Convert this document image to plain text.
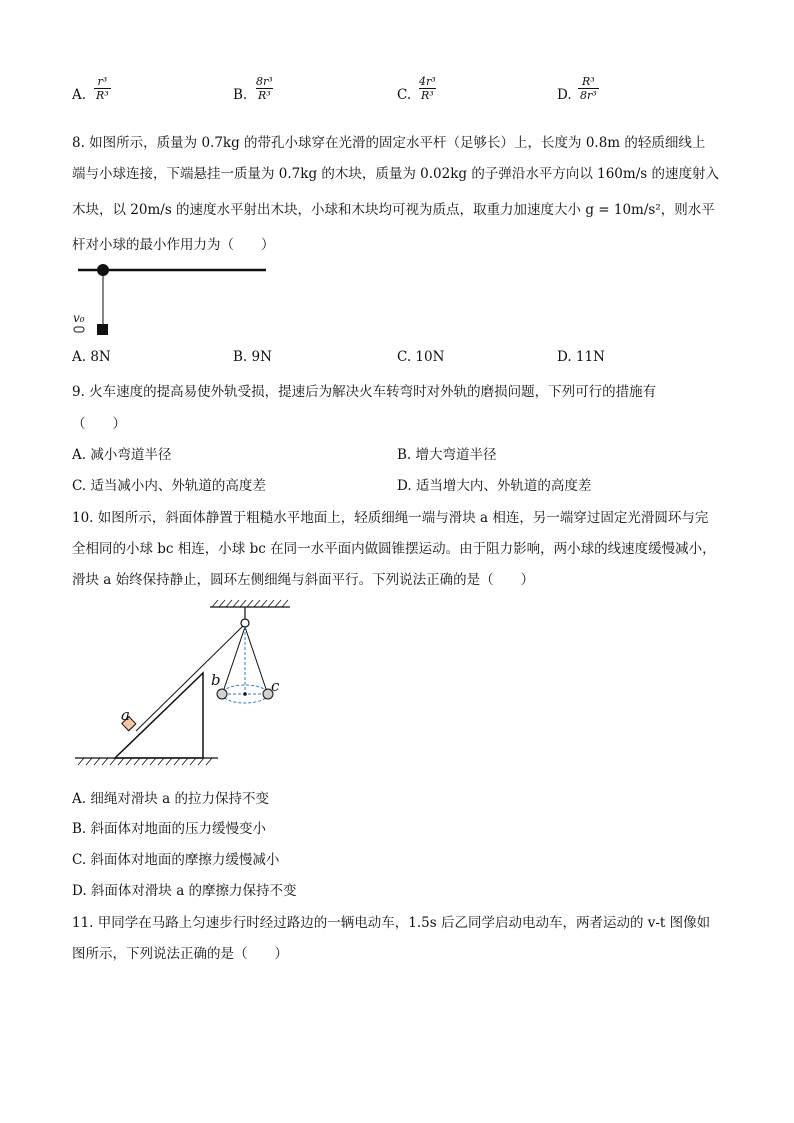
A. $\frac{\text{r³}}{\text{R³}}$	B. $\frac{\text{8r³}}{\text{R³}}$	C. $\frac{\text{4r³}}{\text{R³}}$	D. $\frac{\text{R³}}{\text{8r³}}$
8. 如图所示，质量为 0.7kg 的带孔小球穿在光滑的固定水平杆（足够长）上，长度为 0.8m 的轻质细线上
端与小球连接，下端悬挂一质量为 0.7kg 的木块，质量为 0.02kg 的子弹沿水平方向以 160m/s 的速度射入
木块，以 20m/s 的速度水平射出木块，小球和木块均可视为质点，取重力加速度大小 g = 10m/s²，则水平
杆对小球的最小作用力为（　　）
v₀
A. 8N	B. 9N	C. 10N	D. 11N
9. 火车速度的提高易使外轨受损，提速后为解决火车转弯时对外轨的磨损问题，下列可行的措施有
（　　）
A. 减小弯道半径	B. 增大弯道半径
C. 适当减小内、外轨道的高度差	D. 适当增大内、外轨道的高度差
10. 如图所示，斜面体静置于粗糙水平地面上，轻质细绳一端与滑块 a 相连，另一端穿过固定光滑圆环与完
全相同的小球 bc 相连，小球 bc 在同一水平面内做圆锥摆运动。由于阻力影响，两小球的线速度缓慢减小，
滑块 a 始终保持静止，圆环左侧细绳与斜面平行。下列说法正确的是（　　）
a
b	c
A. 细绳对滑块 a 的拉力保持不变
B. 斜面体对地面的压力缓慢变小
C. 斜面体对地面的摩擦力缓慢减小
D. 斜面体对滑块 a 的摩擦力保持不变
11. 甲同学在马路上匀速步行时经过路边的一辆电动车，1.5s 后乙同学启动电动车，两者运动的 v-t 图像如
图所示，下列说法正确的是（　　）
